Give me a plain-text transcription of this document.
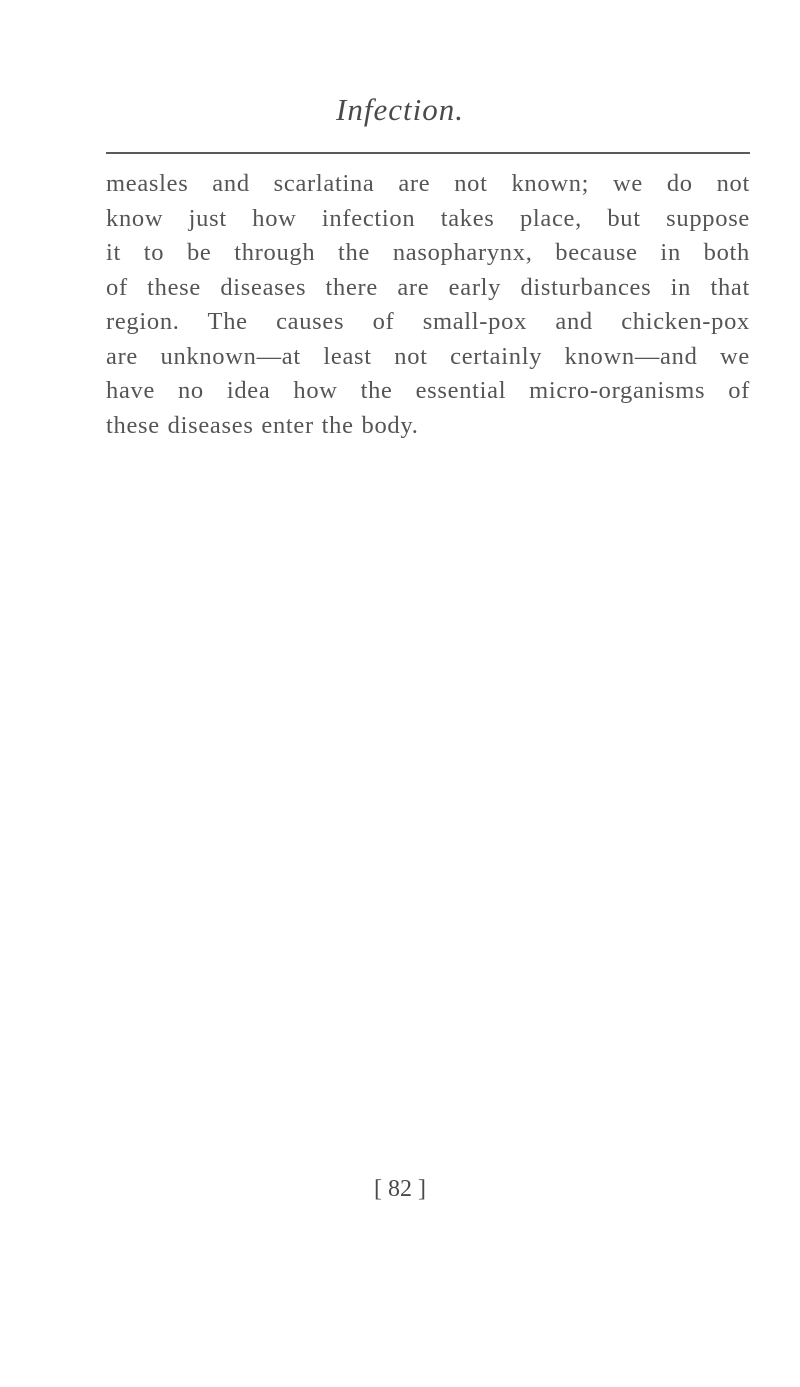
Infection.
measles and scarlatina are not known; we do not
know just how infection takes place, but suppose
it to be through the nasopharynx, because in both
of these diseases there are early disturbances in that
region. The causes of small-pox and chicken-pox
are unknown—at least not certainly known—and we
have no idea how the essential micro-organisms of
these diseases enter the body.
[ 82 ]
